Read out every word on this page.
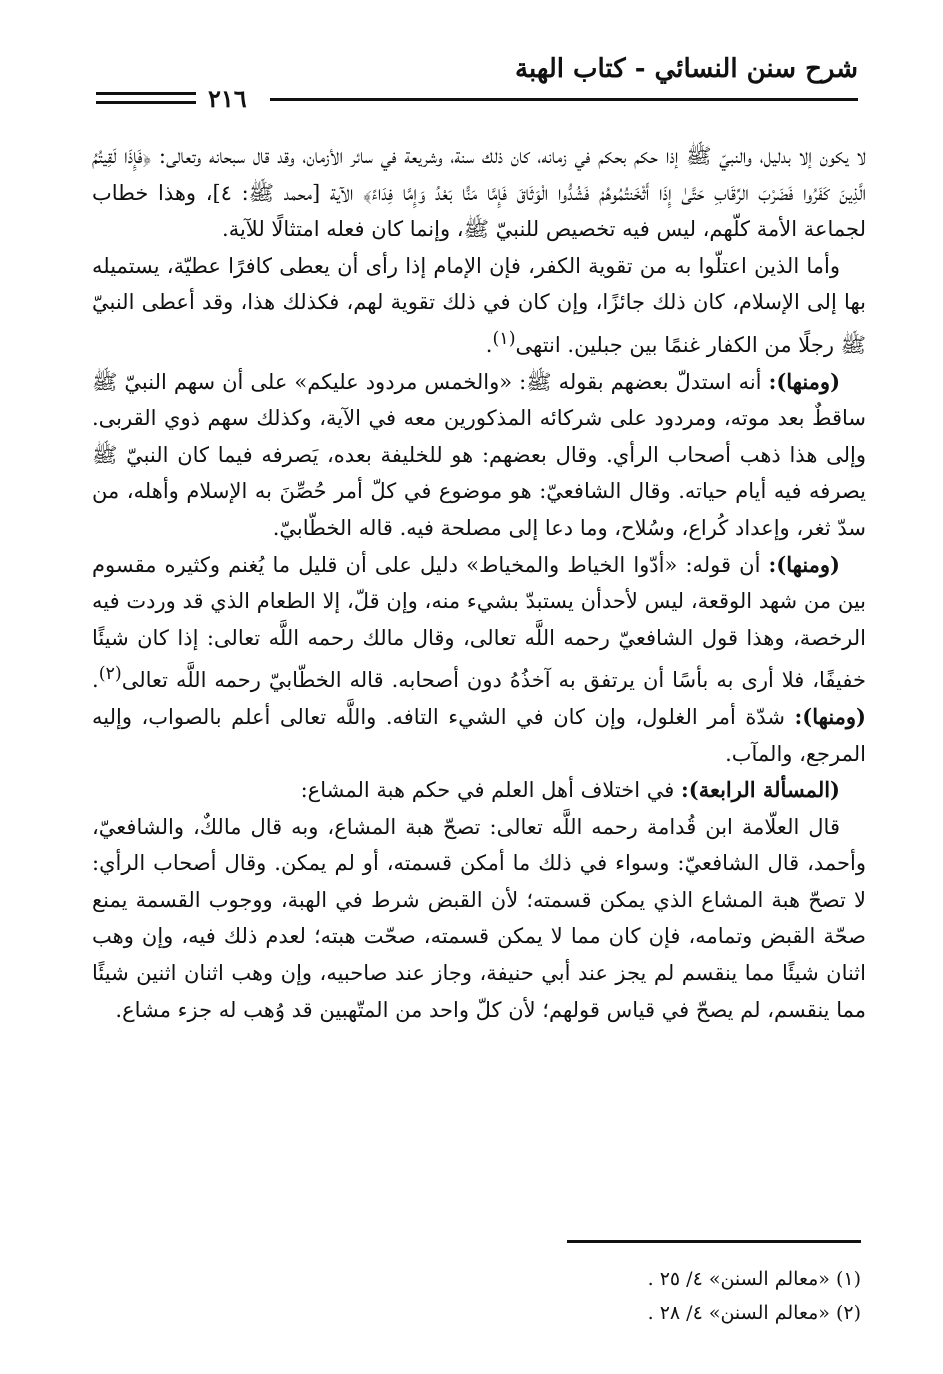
شرح سنن النسائي - كتاب الهبة
٢١٦

لا يكون إلا بدليل، والنبيّ ﷺ إذا حكم بحكم في زمانه، كان ذلك سنة، وشريعة في سائر الأزمان، وقد قال سبحانه وتعالى: ﴿فَإِذَا لَقِيتُمُ الَّذِينَ كَفَرُوا فَضَرْبَ الرِّقَابِ حَتَّىٰ إِذَا أَثْخَنتُمُوهُمْ فَشُدُّوا الْوَثَاقَ فَإِمَّا مَنًّا بَعْدُ وَإِمَّا فِدَاءً﴾ الآية [محمد ﷺ: ٤]، وهذا خطاب لجماعة الأمة كلّهم، ليس فيه تخصيص للنبيّ ﷺ، وإنما كان فعله امتثالًا للآية.

وأما الذين اعتلّوا به من تقوية الكفر، فإن الإمام إذا رأى أن يعطى كافرًا عطيّة، يستميله بها إلى الإسلام، كان ذلك جائزًا، وإن كان في ذلك تقوية لهم، فكذلك هذا، وقد أعطى النبيّ ﷺ رجلًا من الكفار غنمًا بين جبلين. انتهى$^{(١)}$.

(ومنها): أنه استدلّ بعضهم بقوله ﷺ: «والخمس مردود عليكم» على أن سهم النبيّ ﷺ ساقطٌ بعد موته، ومردود على شركائه المذكورين معه في الآية، وكذلك سهم ذوي القربى. وإلى هذا ذهب أصحاب الرأي. وقال بعضهم: هو للخليفة بعده، يَصرفه فيما كان النبيّ ﷺ يصرفه فيه أيام حياته. وقال الشافعيّ: هو موضوع في كلّ أمر حُصِّنَ به الإسلام وأهله، من سدّ ثغر، وإعداد كُراع، وسُلاح، وما دعا إلى مصلحة فيه. قاله الخطّابيّ.

(ومنها): أن قوله: «أدّوا الخياط والمخياط» دليل على أن قليل ما يُغنم وكثيره مقسوم بين من شهد الوقعة، ليس لأحدأن يستبدّ بشيء منه، وإن قلّ، إلا الطعام الذي قد وردت فيه الرخصة، وهذا قول الشافعيّ رحمه اللَّه تعالى، وقال مالك رحمه اللَّه تعالى: إذا كان شيئًا خفيفًا، فلا أرى به بأسًا أن يرتفق به آخذُهُ دون أصحابه. قاله الخطّابيّ رحمه اللَّه تعالى$^{(٢)}$. (ومنها): شدّة أمر الغلول، وإن كان في الشيء التافه. واللَّه تعالى أعلم بالصواب، وإليه المرجع، والمآب.

(المسألة الرابعة): في اختلاف أهل العلم في حكم هبة المشاع:

قال العلّامة ابن قُدامة رحمه اللَّه تعالى: تصحّ هبة المشاع، وبه قال مالكٌ، والشافعيّ، وأحمد، قال الشافعيّ: وسواء في ذلك ما أمكن قسمته، أو لم يمكن. وقال أصحاب الرأي: لا تصحّ هبة المشاع الذي يمكن قسمته؛ لأن القبض شرط في الهبة، ووجوب القسمة يمنع صحّة القبض وتمامه، فإن كان مما لا يمكن قسمته، صحّت هبته؛ لعدم ذلك فيه، وإن وهب اثنان شيئًا مما ينقسم لم يجز عند أبي حنيفة، وجاز عند صاحبيه، وإن وهب اثنان اثنين شيئًا مما ينقسم، لم يصحّ في قياس قولهم؛ لأن كلّ واحد من المتّهبين قد وُهب له جزء مشاع.

(١) «معالم السنن» ٤/ ٢٥ .
(٢) «معالم السنن» ٤/ ٢٨ .
